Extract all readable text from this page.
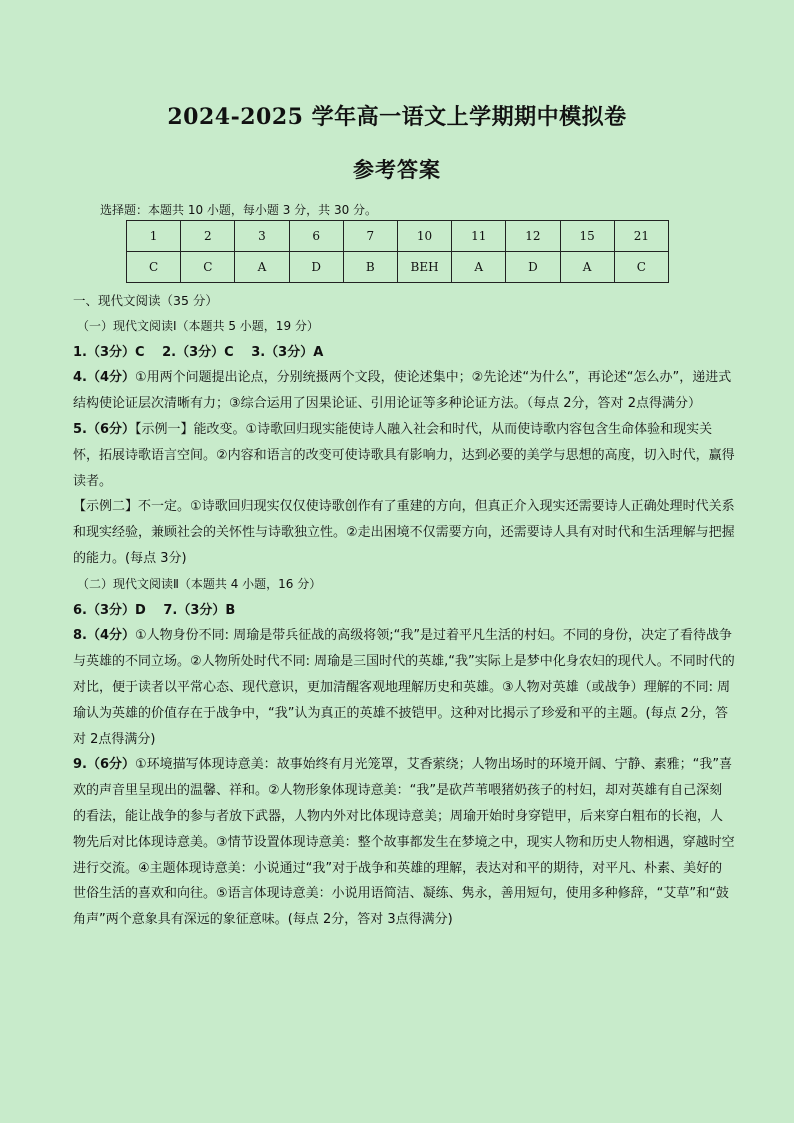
2024-2025 学年高一语文上学期期中模拟卷
参考答案
选择题：本题共 10 小题，每小题 3 分，共 30 分。
1	2	3	6	7	10	11	12	15	21
C	C	A	D	B	BEH	A	D	A	C

一、现代文阅读（35 分）

（一）现代文阅读Ⅰ（本题共 5 小题，19 分）

1.（3分）C　 2.（3分）C　 3.（3分）A

4.（4分）①用两个问题提出论点，分别统摄两个文段，使论述集中；②先论述“为什么”，再论述“怎么办”，递进式结构使论证层次清晰有力；③综合运用了因果论证、引用论证等多种论证方法。（每点 2分，答对 2点得满分）

5.（6分）【示例一】能改变。①诗歌回归现实能使诗人融入社会和时代，从而使诗歌内容包含生命体验和现实关怀，拓展诗歌语言空间。②内容和语言的改变可使诗歌具有影响力，达到必要的美学与思想的高度，切入时代，赢得读者。

【示例二】不一定。①诗歌回归现实仅仅使诗歌创作有了重建的方向，但真正介入现实还需要诗人正确处理时代关系和现实经验，兼顾社会的关怀性与诗歌独立性。②走出困境不仅需要方向，还需要诗人具有对时代和生活理解与把握的能力。(每点 3分)

（二）现代文阅读Ⅱ（本题共 4 小题，16 分）

6.（3分）D　 7.（3分）B

8.（4分）①人物身份不同: 周瑜是带兵征战的高级将领;“我”是过着平凡生活的村妇。不同的身份，决定了看待战争与英雄的不同立场。②人物所处时代不同: 周瑜是三国时代的英雄,“我”实际上是梦中化身农妇的现代人。不同时代的对比，便于读者以平常心态、现代意识，更加清醒客观地理解历史和英雄。③人物对英雄（或战争）理解的不同: 周瑜认为英雄的价值存在于战争中，“我”认为真正的英雄不披铠甲。这种对比揭示了珍爱和平的主题。(每点 2分，答对 2点得满分)

9.（6分）①环境描写体现诗意美：故事始终有月光笼罩，艾香萦绕；人物出场时的环境开阔、宁静、素雅；“我”喜欢的声音里呈现出的温馨、祥和。②人物形象体现诗意美：“我”是砍芦苇喂猪奶孩子的村妇，却对英雄有自己深刻的看法，能让战争的参与者放下武器，人物内外对比体现诗意美；周瑜开始时身穿铠甲，后来穿白粗布的长袍，人物先后对比体现诗意美。③情节设置体现诗意美：整个故事都发生在梦境之中，现实人物和历史人物相遇，穿越时空进行交流。④主题体现诗意美：小说通过“我”对于战争和英雄的理解，表达对和平的期待，对平凡、朴素、美好的世俗生活的喜欢和向往。⑤语言体现诗意美：小说用语简洁、凝练、隽永，善用短句，使用多种修辞，“艾草”和“鼓角声”两个意象具有深远的象征意味。(每点 2分，答对 3点得满分)
